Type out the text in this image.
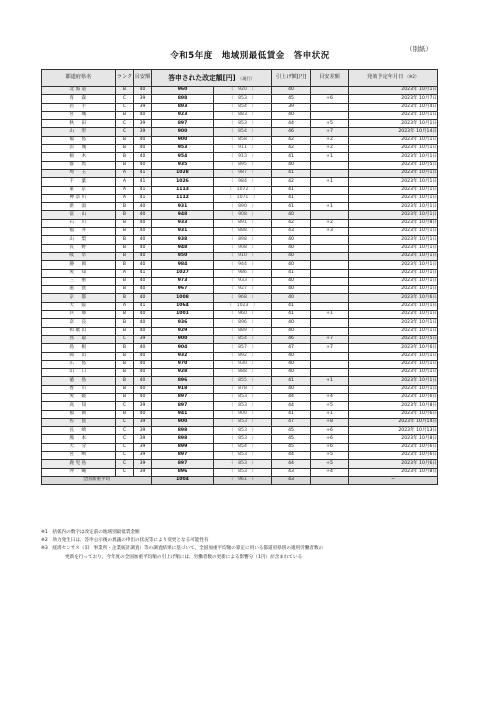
（別紙）
令和5年度　地域別最低賃金　答申状況
都道府県名	ランク	目安額	答申された改定額[円] （現行）		引上げ額[円]	目安差額	発効予定年月日 （※2）
北海道	B	40	960	（　920　）	40		2023年 10月1日
青　森	C	39	898	（　853　）	45	+6	2023年 10月7日
岩　手	C	39	893	（　854　）	39		2023年 10月4日
宮　城	B	40	923	（　883　）	40		2023年 10月1日
秋　田	C	39	897	（　853　）	44	+5	2023年 10月1日
山　形	C	39	900	（　854　）	46	+7	2023年 10月14日
福　島	B	40	900	（　858　）	42	+2	2023年 10月1日
茨　城	B	40	953	（　911　）	42	+2	2023年 10月1日
栃　木	B	40	954	（　913　）	41	+1	2023年 10月1日
群　馬	B	40	935	（　895　）	40		2023年 10月5日
埼　玉	A	41	1028	（　987　）	41		2023年 10月1日
千　葉	A	41	1026	（　984　）	42	+1	2023年 10月1日
東　京	A	41	1113	（　1072　）	41		2023年 10月1日
神奈川	A	41	1112	（　1071　）	41		2023年 10月1日
新　潟	B	40	931	（　890　）	41	+1	2023年 10月1日
富　山	B	40	948	（　908　）	40		2023年 10月1日
石　川	B	40	933	（　891　）	42	+2	2023年 10月8日
福　井	B	40	931	（　888　）	43	+3	2023年 10月1日
山　梨	B	40	938	（　898　）	40		2023年 10月1日
長　野	B	40	948	（　908　）	40		2023年 10月1日
岐　阜	B	40	950	（　910　）	40		2023年 10月1日
静　岡	B	40	984	（　944　）	40		2023年 10月1日
愛　知	A	41	1027	（　986　）	41		2023年 10月1日
三　重	B	40	973	（　933　）	40		2023年 10月1日
滋　賀	B	40	967	（　927　）	40		2023年 10月1日
京　都	B	40	1008	（　968　）	40		2023年 10月6日
大　阪	A	41	1064	（　1023　）	41		2023年 10月1日
兵　庫	B	40	1001	（　960　）	41	+1	2023年 10月1日
奈　良	B	40	936	（　896　）	40		2023年 10月1日
和歌山	B	40	929	（　889　）	40		2023年 10月1日
鳥　取	C	39	900	（　854　）	46	+7	2023年 10月5日
島　根	B	40	904	（　857　）	47	+7	2023年 10月6日
岡　山	B	40	932	（　892　）	40		2023年 10月1日
広　島	B	40	970	（　930　）	40		2023年 10月1日
山　口	B	40	928	（　888　）	40		2023年 10月1日
徳　島	B	40	896	（　855　）	41	+1	2023年 10月1日
香　川	B	40	918	（　878　）	40		2023年 10月1日
愛　媛	B	40	897	（　853　）	44	+4	2023年 10月6日
高　知	C	39	897	（　853　）	44	+5	2023年 10月8日
福　岡	B	40	941	（　900　）	41	+1	2023年 10月6日
佐　賀	C	39	900	（　853　）	47	+8	2023年 10月14日
長　崎	C	39	898	（　853　）	45	+6	2023年 10月13日
熊　本	C	39	898	（　853　）	45	+6	2023年 10月8日
大　分	C	39	899	（　854　）	45	+6	2023年 10月6日
宮　崎	C	39	897	（　853　）	44	+5	2023年 10月6日
鹿児島	C	39	897	（　853　）	44	+5	2023年 10月6日
沖　縄	C	39	896	（　853　）	43	+4	2023年 10月8日
全国加重平均			1004	（　961　）	43		−
※1　括弧内の数字は改定前の地域別最低賃金額
※2　効力発生日は、答申公示後の異議の申出の状況等により変更となる可能性有
※3　経済センサス（旧：事業所・企業統計調査）等の調査結果に基づいて、全国加重平均額の算定に用いる都道府県別の適用労働者数の
更新を行っており、今年度の全国加重平均額の引上げ額には、労働者数の更新による影響分（1円）が含まれている
